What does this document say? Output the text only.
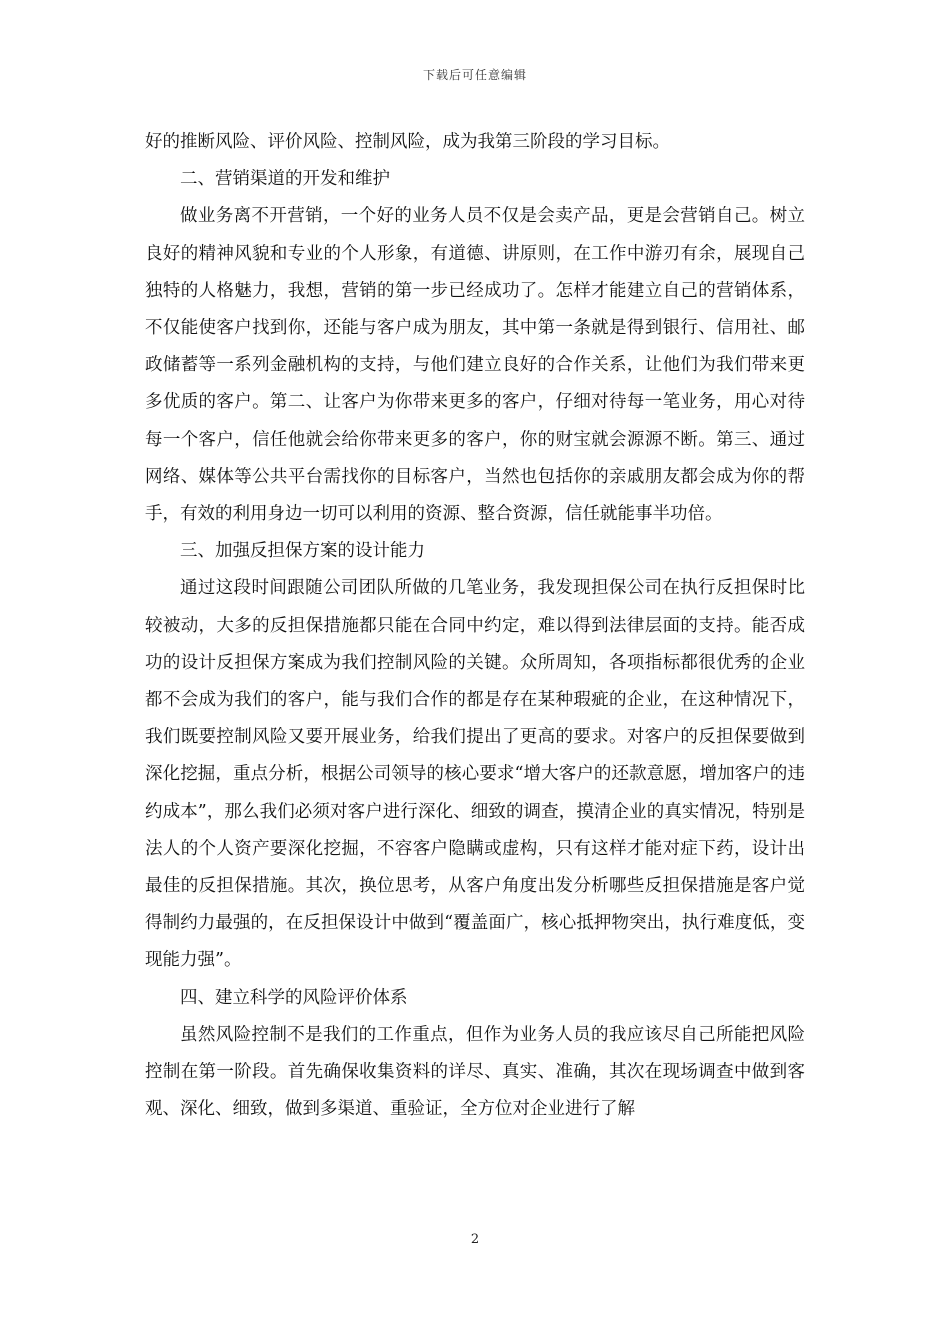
下载后可任意编辑

好的推断风险、评价风险、控制风险，成为我第三阶段的学习目标。

二、营销渠道的开发和维护

做业务离不开营销，一个好的业务人员不仅是会卖产品，更是会营销自己。树立良好的精神风貌和专业的个人形象，有道德、讲原则，在工作中游刃有余，展现自己独特的人格魅力，我想，营销的第一步已经成功了。怎样才能建立自己的营销体系，不仅能使客户找到你，还能与客户成为朋友，其中第一条就是得到银行、信用社、邮政储蓄等一系列金融机构的支持，与他们建立良好的合作关系，让他们为我们带来更多优质的客户。第二、让客户为你带来更多的客户，仔细对待每一笔业务，用心对待每一个客户，信任他就会给你带来更多的客户，你的财宝就会源源不断。第三、通过网络、媒体等公共平台需找你的目标客户，当然也包括你的亲戚朋友都会成为你的帮手，有效的利用身边一切可以利用的资源、整合资源，信任就能事半功倍。

三、加强反担保方案的设计能力

通过这段时间跟随公司团队所做的几笔业务，我发现担保公司在执行反担保时比较被动，大多的反担保措施都只能在合同中约定，难以得到法律层面的支持。能否成功的设计反担保方案成为我们控制风险的关键。众所周知，各项指标都很优秀的企业都不会成为我们的客户，能与我们合作的都是存在某种瑕疵的企业，在这种情况下，我们既要控制风险又要开展业务，给我们提出了更高的要求。对客户的反担保要做到深化挖掘，重点分析，根据公司领导的核心要求“增大客户的还款意愿，增加客户的违约成本”，那么我们必须对客户进行深化、细致的调查，摸清企业的真实情况，特别是法人的个人资产要深化挖掘，不容客户隐瞒或虚构，只有这样才能对症下药，设计出最佳的反担保措施。其次，换位思考，从客户角度出发分析哪些反担保措施是客户觉得制约力最强的，在反担保设计中做到“覆盖面广，核心抵押物突出，执行难度低，变现能力强”。

四、建立科学的风险评价体系

虽然风险控制不是我们的工作重点，但作为业务人员的我应该尽自己所能把风险控制在第一阶段。首先确保收集资料的详尽、真实、准确，其次在现场调查中做到客观、深化、细致，做到多渠道、重验证，全方位对企业进行了解

2
